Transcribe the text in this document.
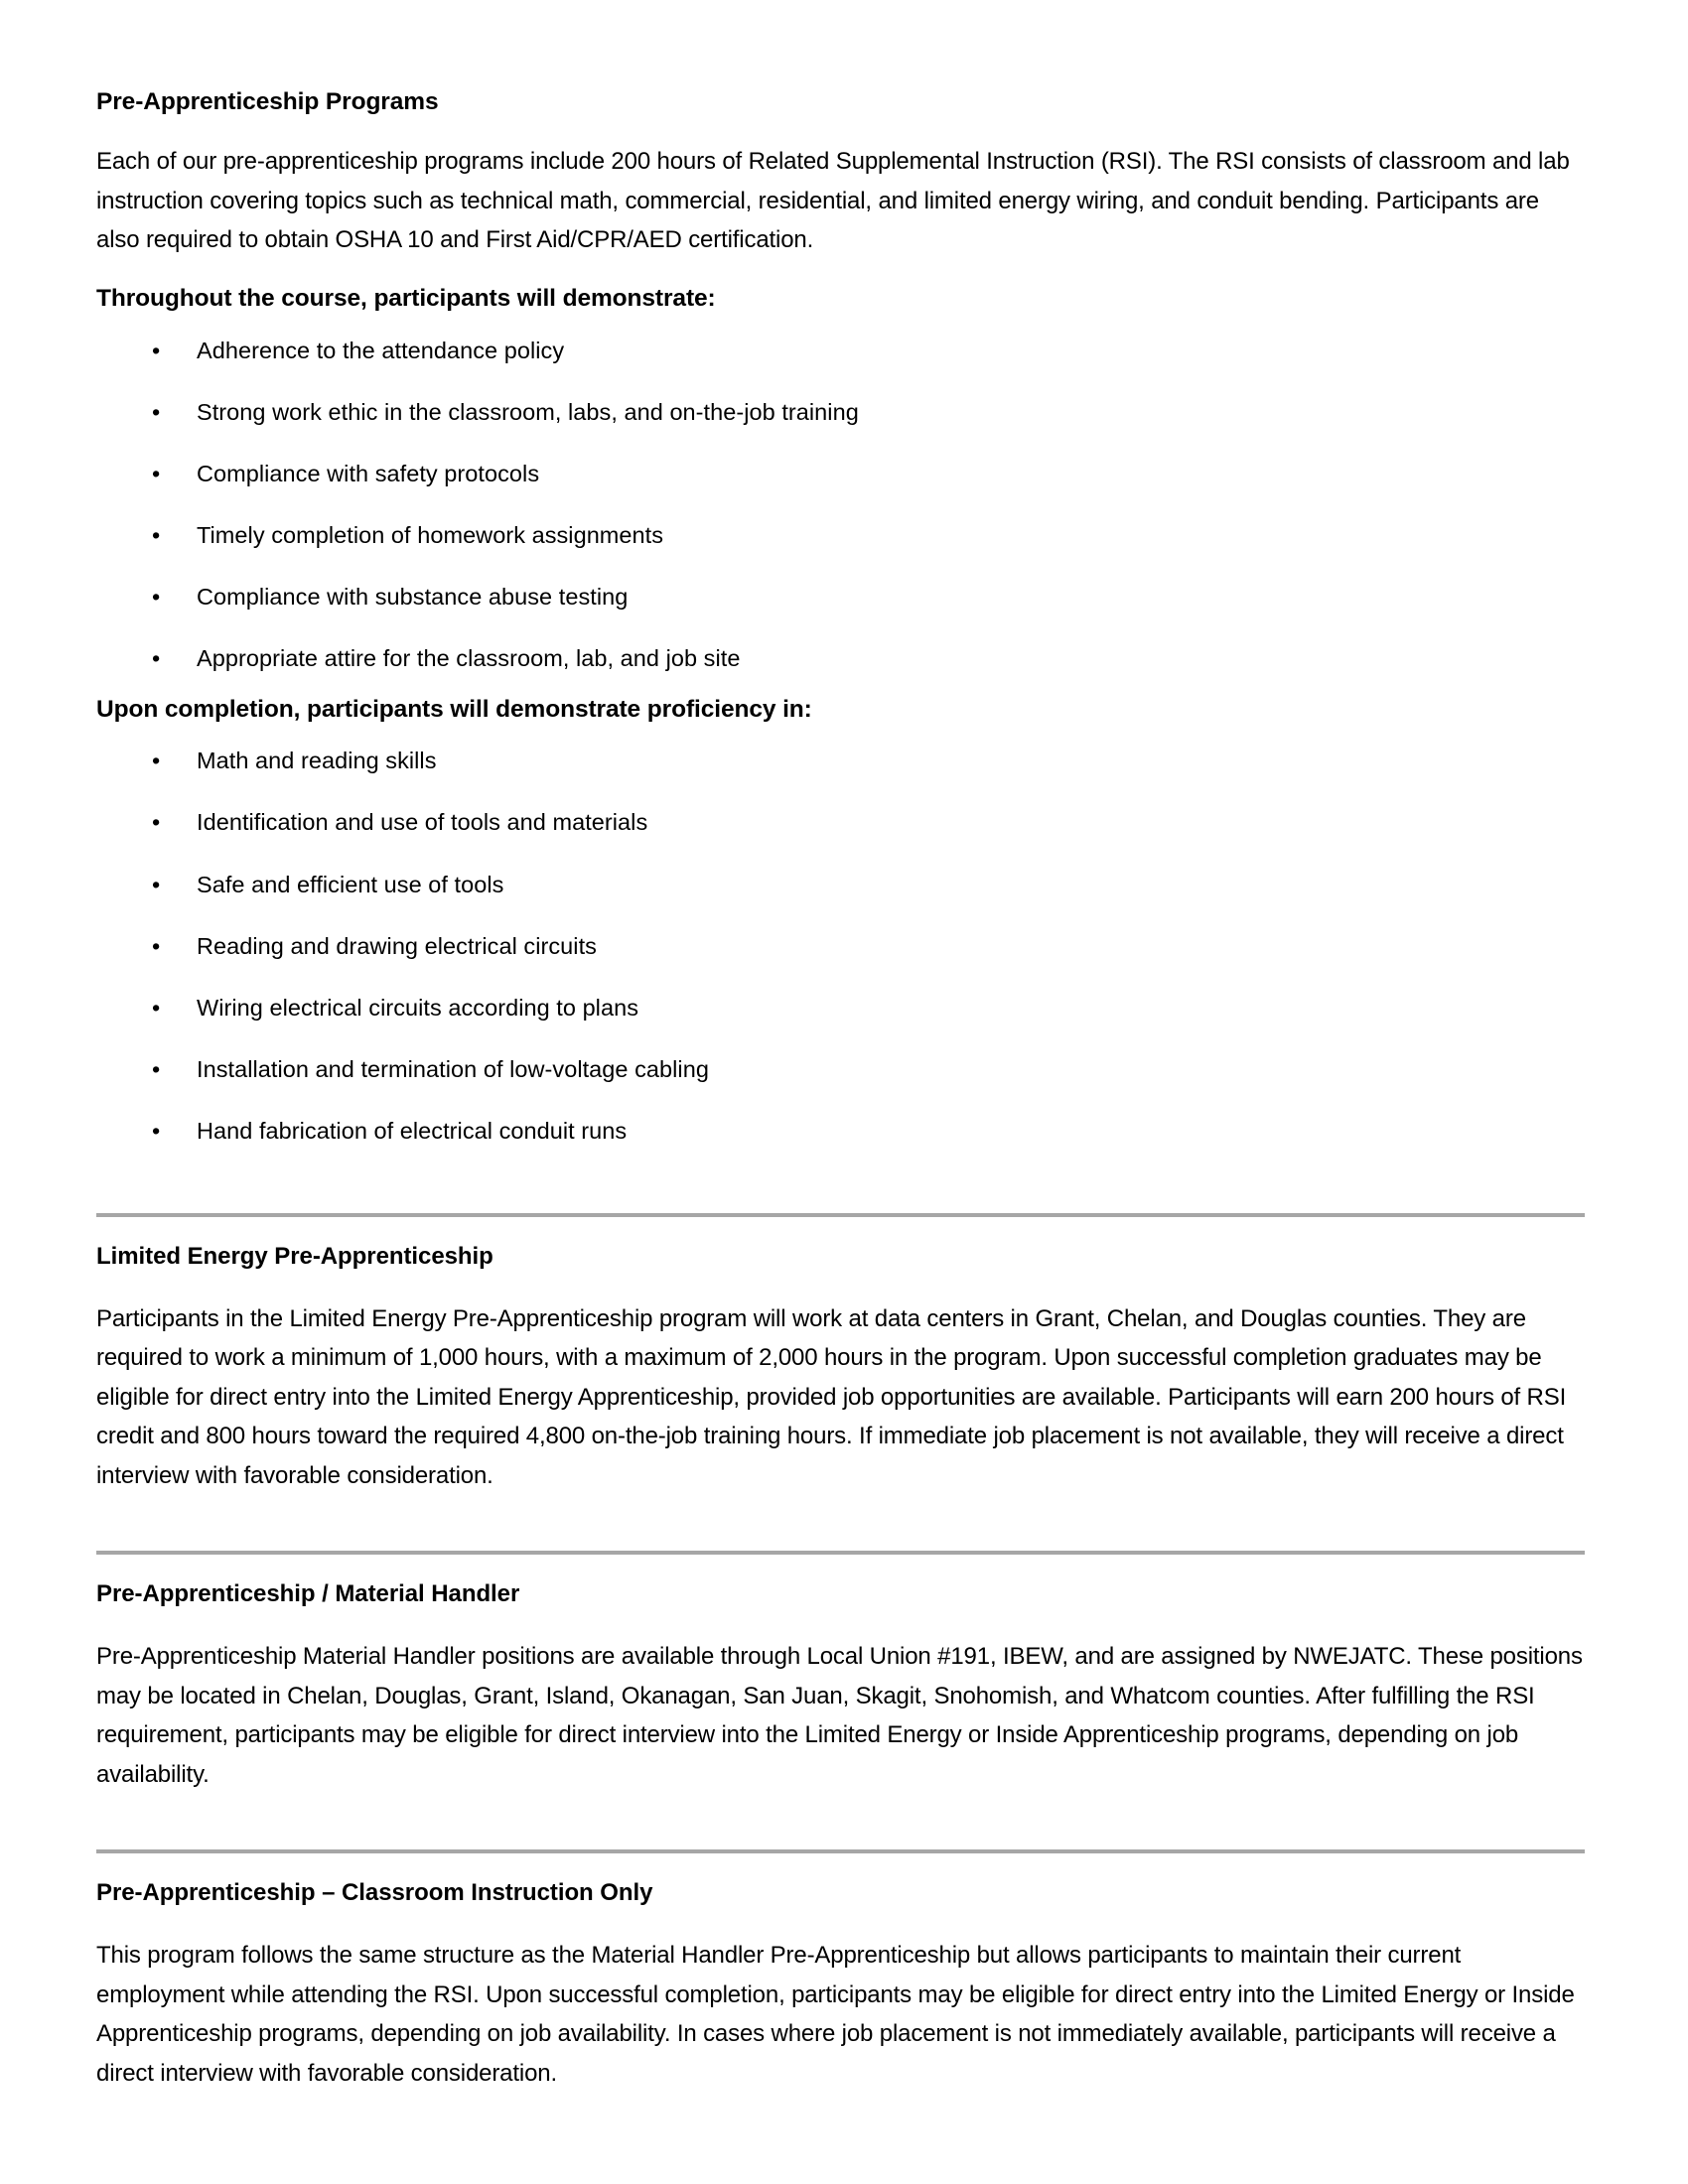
Pre-Apprenticeship Programs

Each of our pre-apprenticeship programs include 200 hours of Related Supplemental Instruction (RSI). The RSI consists of classroom and lab instruction covering topics such as technical math, commercial, residential, and limited energy wiring, and conduit bending. Participants are also required to obtain OSHA 10 and First Aid/CPR/AED certification.

Throughout the course, participants will demonstrate:
• Adherence to the attendance policy
• Strong work ethic in the classroom, labs, and on-the-job training
• Compliance with safety protocols
• Timely completion of homework assignments
• Compliance with substance abuse testing
• Appropriate attire for the classroom, lab, and job site
Upon completion, participants will demonstrate proficiency in:
• Math and reading skills
• Identification and use of tools and materials
• Safe and efficient use of tools
• Reading and drawing electrical circuits
• Wiring electrical circuits according to plans
• Installation and termination of low-voltage cabling
• Hand fabrication of electrical conduit runs
Limited Energy Pre-Apprenticeship

Participants in the Limited Energy Pre-Apprenticeship program will work at data centers in Grant, Chelan, and Douglas counties. They are required to work a minimum of 1,000 hours, with a maximum of 2,000 hours in the program. Upon successful completion graduates may be eligible for direct entry into the Limited Energy Apprenticeship, provided job opportunities are available. Participants will earn 200 hours of RSI credit and 800 hours toward the required 4,800 on-the-job training hours. If immediate job placement is not available, they will receive a direct interview with favorable consideration.

Pre-Apprenticeship / Material Handler

Pre-Apprenticeship Material Handler positions are available through Local Union #191, IBEW, and are assigned by NWEJATC. These positions may be located in Chelan, Douglas, Grant, Island, Okanagan, San Juan, Skagit, Snohomish, and Whatcom counties. After fulfilling the RSI requirement, participants may be eligible for direct interview into the Limited Energy or Inside Apprenticeship programs, depending on job availability.

Pre-Apprenticeship – Classroom Instruction Only

This program follows the same structure as the Material Handler Pre-Apprenticeship but allows participants to maintain their current employment while attending the RSI. Upon successful completion, participants may be eligible for direct entry into the Limited Energy or Inside Apprenticeship programs, depending on job availability. In cases where job placement is not immediately available, participants will receive a direct interview with favorable consideration.
